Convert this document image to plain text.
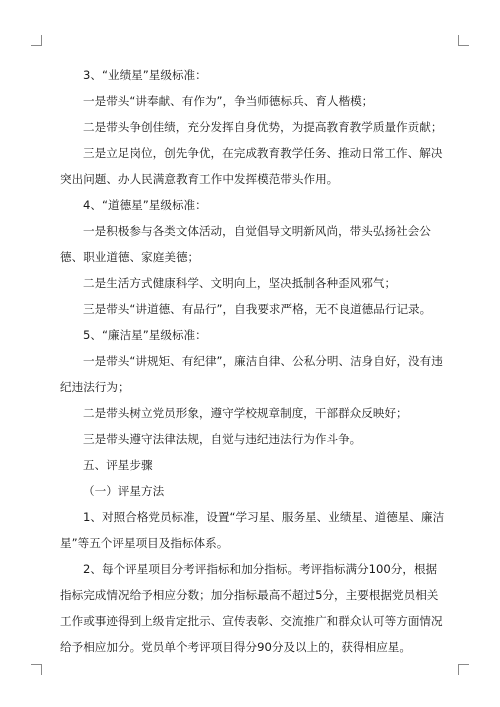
3、“业绩星”星级标准：

一是带头“讲奉献、有作为”，争当师德标兵、育人楷模；

二是带头争创佳绩，充分发挥自身优势，为提高教育教学质量作贡献；

三是立足岗位，创先争优，在完成教育教学任务、推动日常工作、解决突出问题、办人民满意教育工作中发挥模范带头作用。

4、“道德星”星级标准：

一是积极参与各类文体活动，自觉倡导文明新风尚，带头弘扬社会公德、职业道德、家庭美德；

二是生活方式健康科学、文明向上，坚决抵制各种歪风邪气；

三是带头“讲道德、有品行”，自我要求严格，无不良道德品行记录。

5、“廉洁星”星级标准：

一是带头“讲规矩、有纪律”，廉洁自律、公私分明、洁身自好，没有违纪违法行为；

二是带头树立党员形象，遵守学校规章制度，干部群众反映好；

三是带头遵守法律法规，自觉与违纪违法行为作斗争。

五、评星步骤

（一）评星方法

1、对照合格党员标准，设置“学习星、服务星、业绩星、道德星、廉洁星”等五个评星项目及指标体系。

2、每个评星项目分考评指标和加分指标。考评指标满分100分，根据指标完成情况给予相应分数；加分指标最高不超过5分，主要根据党员相关工作或事迹得到上级肯定批示、宣传表彰、交流推广和群众认可等方面情况给予相应加分。党员单个考评项目得分90分及以上的，获得相应星。
